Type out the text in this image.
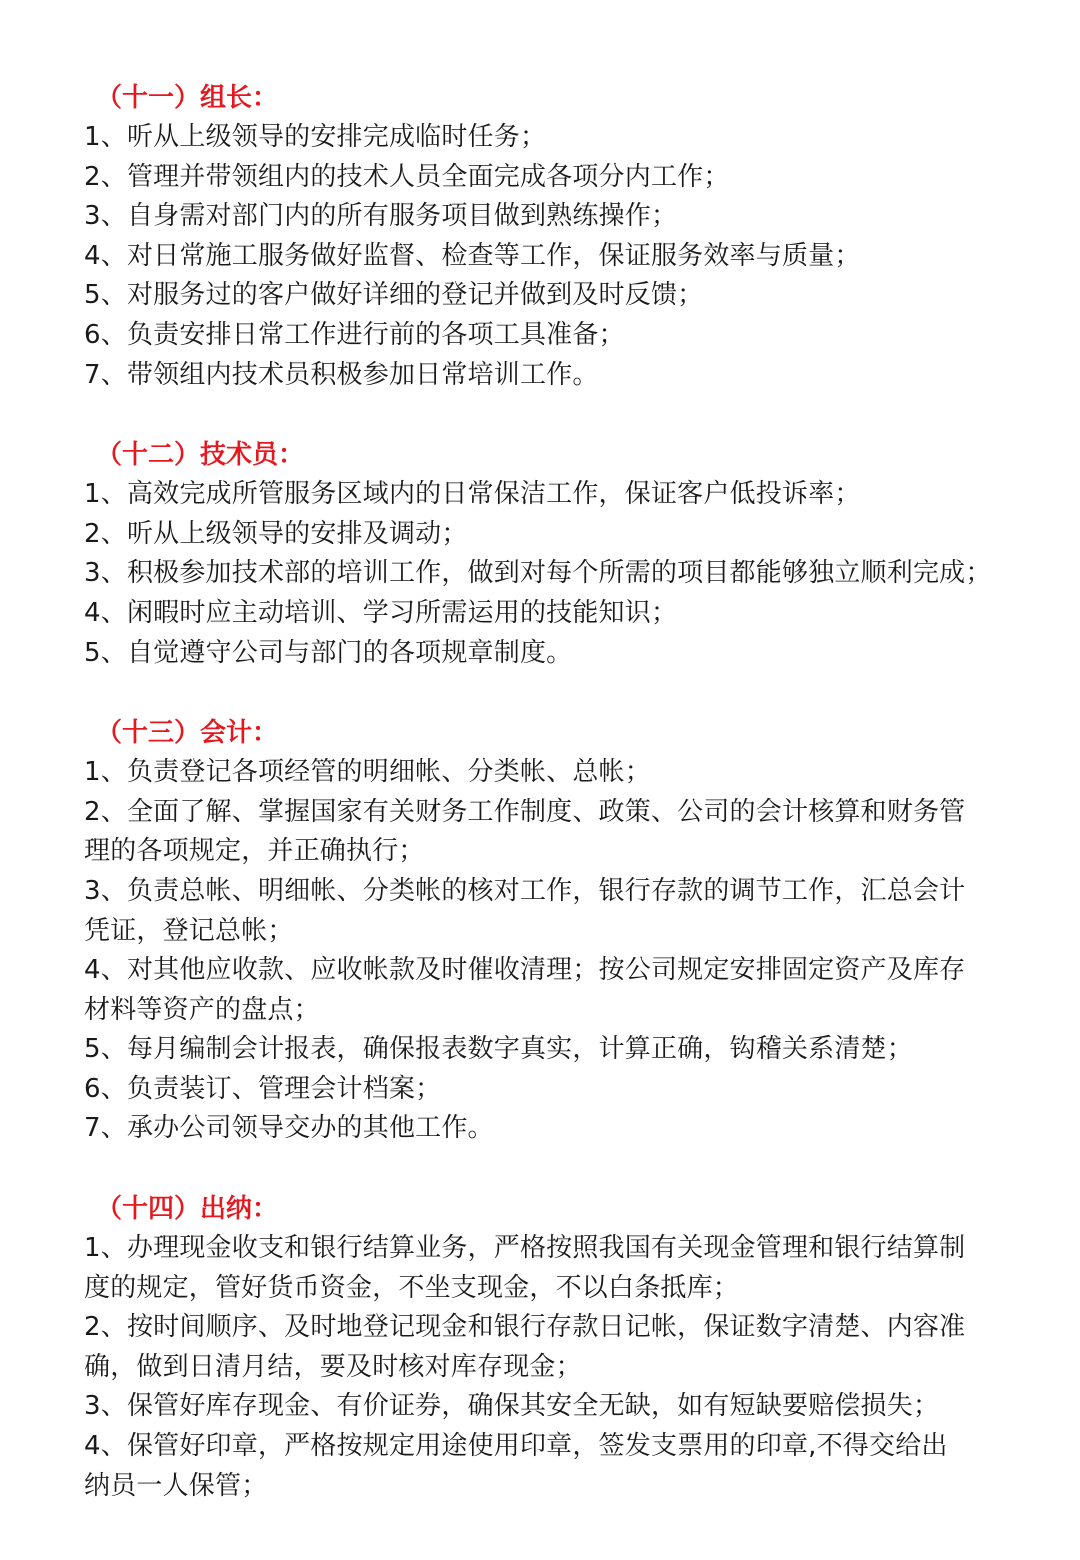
（十一）组长：
1、听从上级领导的安排完成临时任务；
2、管理并带领组内的技术人员全面完成各项分内工作；
3、自身需对部门内的所有服务项目做到熟练操作；
4、对日常施工服务做好监督、检查等工作，保证服务效率与质量；
5、对服务过的客户做好详细的登记并做到及时反馈；
6、负责安排日常工作进行前的各项工具准备；
7、带领组内技术员积极参加日常培训工作。
（十二）技术员：
1、高效完成所管服务区域内的日常保洁工作，保证客户低投诉率；
2、听从上级领导的安排及调动；
3、积极参加技术部的培训工作，做到对每个所需的项目都能够独立顺利完成；
4、闲暇时应主动培训、学习所需运用的技能知识；
5、自觉遵守公司与部门的各项规章制度。
（十三）会计：
1、负责登记各项经管的明细帐、分类帐、总帐；
2、全面了解、掌握国家有关财务工作制度、政策、公司的会计核算和财务管
理的各项规定，并正确执行；
3、负责总帐、明细帐、分类帐的核对工作，银行存款的调节工作，汇总会计
凭证，登记总帐；
4、对其他应收款、应收帐款及时催收清理；按公司规定安排固定资产及库存
材料等资产的盘点；
5、每月编制会计报表，确保报表数字真实，计算正确，钩稽关系清楚；
6、负责装订、管理会计档案；
7、承办公司领导交办的其他工作。
（十四）出纳：
1、办理现金收支和银行结算业务，严格按照我国有关现金管理和银行结算制
度的规定，管好货币资金，不坐支现金，不以白条抵库；
2、按时间顺序、及时地登记现金和银行存款日记帐，保证数字清楚、内容准
确，做到日清月结，要及时核对库存现金；
3、保管好库存现金、有价证券，确保其安全无缺，如有短缺要赔偿损失；
4、保管好印章，严格按规定用途使用印章，签发支票用的印章,不得交给出
纳员一人保管；
